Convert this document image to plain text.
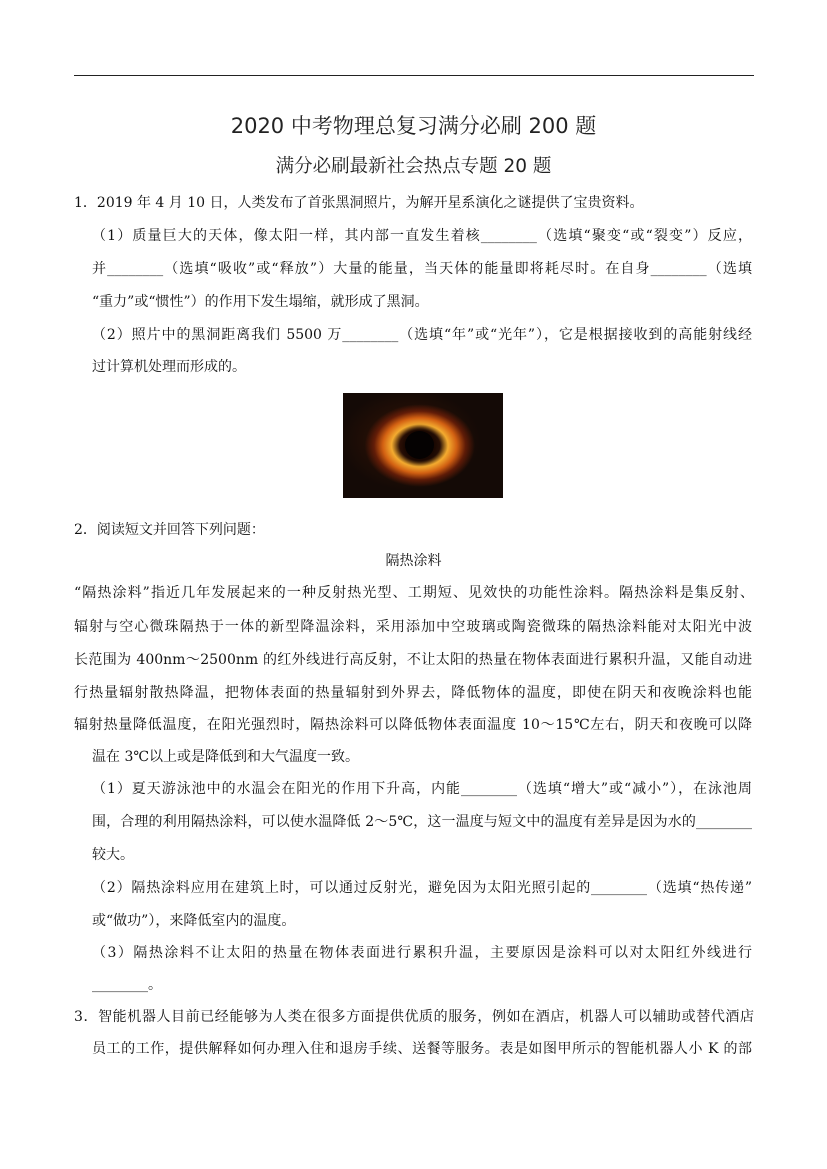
2020 中考物理总复习满分必刷 200 题
满分必刷最新社会热点专题 20 题
1．2019 年 4 月 10 日，人类发布了首张黑洞照片，为解开星系演化之谜提供了宝贵资料。
（1）质量巨大的天体，像太阳一样，其内部一直发生着核________（选填“聚变“或“裂变”）反应，
并________（选填“吸收”或“释放”）大量的能量，当天体的能量即将耗尽时。在自身________（选填
“重力”或“惯性”）的作用下发生塌缩，就形成了黑洞。
（2）照片中的黑洞距离我们 5500 万________（选填“年”或“光年”），它是根据接收到的高能射线经
过计算机处理而形成的。
2．阅读短文并回答下列问题：
隔热涂料
“隔热涂料”指近几年发展起来的一种反射热光型、工期短、见效快的功能性涂料。隔热涂料是集反射、
辐射与空心微珠隔热于一体的新型降温涂料，采用添加中空玻璃或陶瓷微珠的隔热涂料能对太阳光中波
长范围为 400nm～2500nm 的红外线进行高反射，不让太阳的热量在物体表面进行累积升温，又能自动进
行热量辐射散热降温，把物体表面的热量辐射到外界去，降低物体的温度，即使在阴天和夜晚涂料也能
辐射热量降低温度，在阳光强烈时，隔热涂料可以降低物体表面温度 10～15℃左右，阴天和夜晚可以降
温在 3℃以上或是降低到和大气温度一致。
（1）夏天游泳池中的水温会在阳光的作用下升高，内能________（选填“增大”或“减小”），在泳池周
围，合理的利用隔热涂料，可以使水温降低 2～5℃，这一温度与短文中的温度有差异是因为水的________
较大。
（2）隔热涂料应用在建筑上时，可以通过反射光，避免因为太阳光照引起的________（选填“热传递”
或“做功”），来降低室内的温度。
（3）隔热涂料不让太阳的热量在物体表面进行累积升温，主要原因是涂料可以对太阳红外线进行
________。
3．智能机器人目前已经能够为人类在很多方面提供优质的服务，例如在酒店，机器人可以辅助或替代酒店
员工的工作，提供解释如何办理入住和退房手续、送餐等服务。表是如图甲所示的智能机器人小 K 的部
